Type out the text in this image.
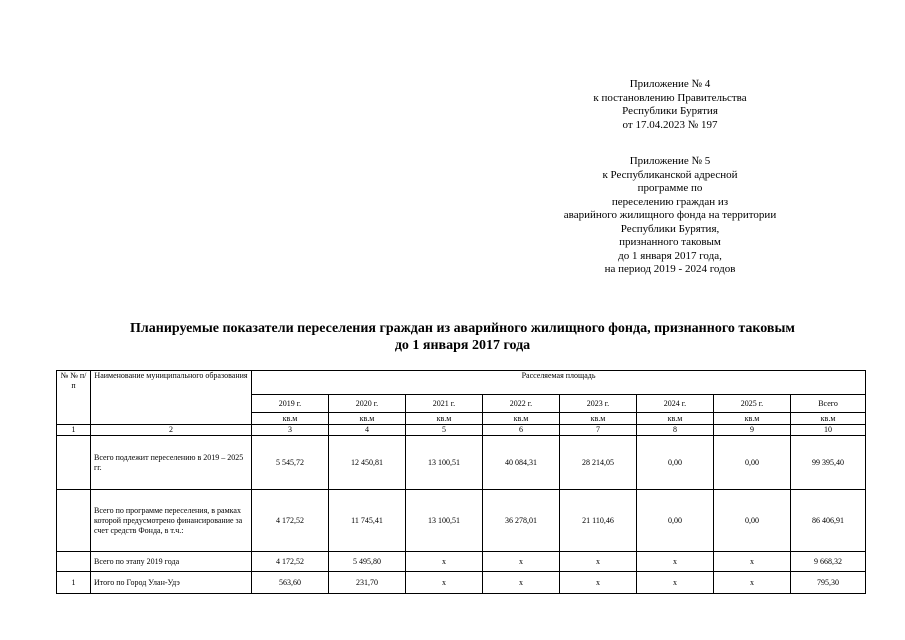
Приложение № 4
к постановлению Правительства
Республики Бурятия
от 17.04.2023 № 197
Приложение № 5
к Республиканской адресной
программе по
переселению граждан из
аварийного жилищного фонда на территории
Республики Бурятия,
признанного таковым
до 1 января 2017 года,
на период 2019 - 2024 годов
Планируемые показатели переселения граждан из аварийного жилищного фонда, признанного таковым
до 1 января 2017 года
№ № п/п	Наименование муниципального образования	Расселяемая площадь							
		2019 г.	2020 г.	2021 г.	2022 г.	2023 г.	2024 г.	2025 г.	Всего
		кв.м	кв.м	кв.м	кв.м	кв.м	кв.м	кв.м	кв.м
1	2	3	4	5	6	7	8	9	10
	Всего подлежит переселению в 2019 – 2025 гг.	5 545,72	12 450,81	13 100,51	40 084,31	28 214,05	0,00	0,00	99 395,40
	Всего по программе переселения, в рамках которой предусмотрено финансирование за счет средств Фонда, в т.ч.:	4 172,52	11 745,41	13 100,51	36 278,01	21 110,46	0,00	0,00	86 406,91
	Всего по этапу 2019 года	4 172,52	5 495,80	x	x	x	x	x	9 668,32
1	Итого по Город Улан-Удэ	563,60	231,70	x	x	x	x	x	795,30
